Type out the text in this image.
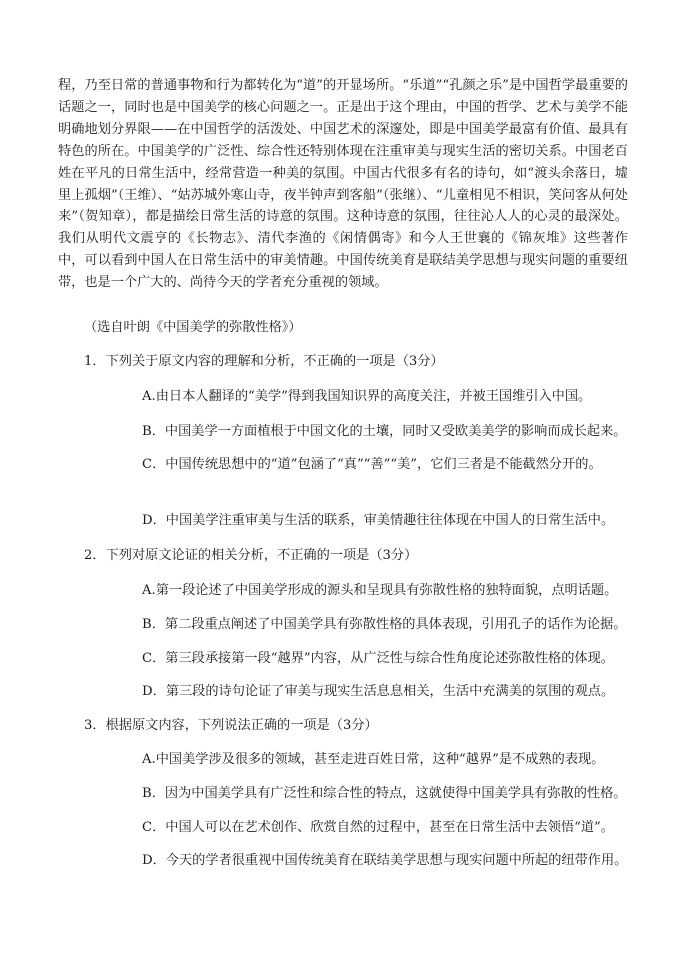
程，乃至日常的普通事物和行为都转化为“道”的开显场所。“乐道”“孔颜之乐”是中国哲学最重要的话题之一，同时也是中国美学的核心问题之一。正是出于这个理由，中国的哲学、艺术与美学不能明确地划分界限——在中国哲学的活泼处、中国艺术的深邃处，即是中国美学最富有价值、最具有特色的所在。中国美学的广泛性、综合性还特别体现在注重审美与现实生活的密切关系。中国老百姓在平凡的日常生活中，经常营造一种美的氛围。中国古代很多有名的诗句，如“渡头余落日，墟里上孤烟”（王维）、“姑苏城外寒山寺，夜半钟声到客船”（张继）、“儿童相见不相识，笑问客从何处来”（贺知章），都是描绘日常生活的诗意的氛围。这种诗意的氛围，往往沁人人的心灵的最深处。我们从明代文震亨的《长物志》、清代李渔的《闲情偶寄》和今人王世襄的《锦灰堆》这些著作中，可以看到中国人在日常生活中的审美情趣。中国传统美育是联结美学思想与现实问题的重要纽带，也是一个广大的、尚待今天的学者充分重视的领域。

（选自叶朗《中国美学的弥散性格》）

1．下列关于原文内容的理解和分析，不正确的一项是（3分）

A.由日本人翻译的“美学”得到我国知识界的高度关注，并被王国维引入中国。

B．中国美学一方面植根于中国文化的土壤，同时又受欧美美学的影响而成长起来。

C．中国传统思想中的“道”包涵了“真”“善”“美”，它们三者是不能截然分开的。

D．中国美学注重审美与生活的联系，审美情趣往往体现在中国人的日常生活中。

2．下列对原文论证的相关分析，不正确的一项是（3分）

A.第一段论述了中国美学形成的源头和呈现具有弥散性格的独特面貌，点明话题。

B．第二段重点阐述了中国美学具有弥散性格的具体表现，引用孔子的话作为论据。

C．第三段承接第一段“越界”内容，从广泛性与综合性角度论述弥散性格的体现。

D．第三段的诗句论证了审美与现实生活息息相关，生活中充满美的氛围的观点。

3．根据原文内容，下列说法正确的一项是（3分）

A.中国美学涉及很多的领域，甚至走进百姓日常，这种“越界”是不成熟的表现。

B．因为中国美学具有广泛性和综合性的特点，这就使得中国美学具有弥散的性格。

C．中国人可以在艺术创作、欣赏自然的过程中，甚至在日常生活中去领悟“道”。

D．今天的学者很重视中国传统美育在联结美学思想与现实问题中所起的纽带作用。
